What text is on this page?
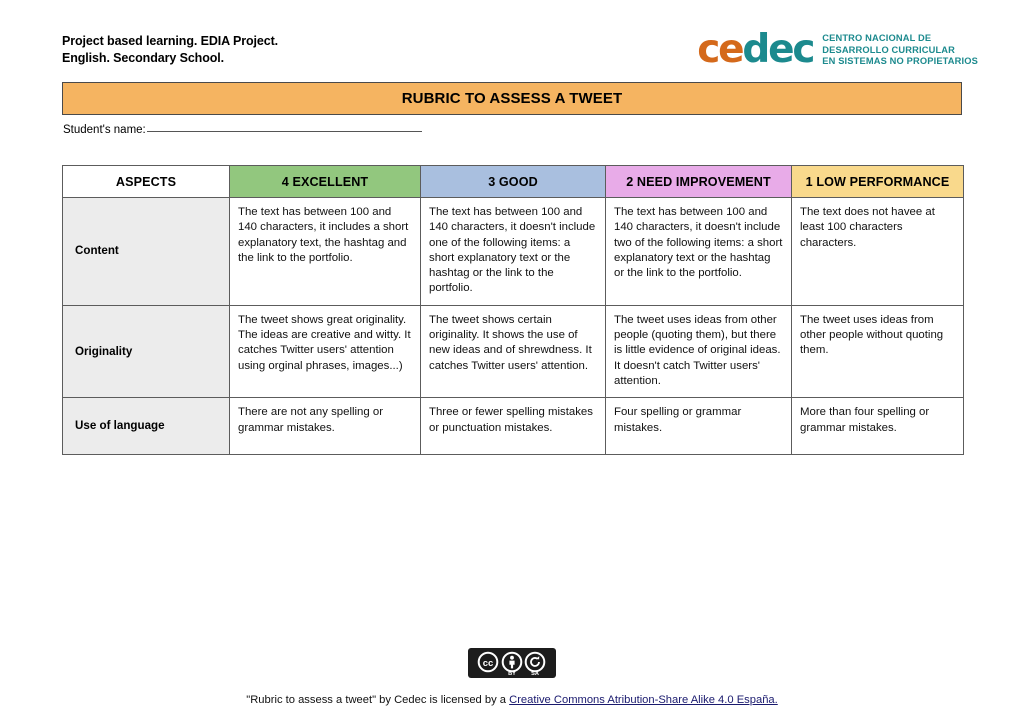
Project based learning. EDIA Project.
English. Secondary School.	cedec CENTRO NACIONAL DE
DESARROLLO CURRICULAR
EN SISTEMAS NO PROPIETARIOS
RUBRIC TO ASSESS A TWEET
Student's name:
ASPECTS	4 EXCELLENT	3 GOOD	2 NEED IMPROVEMENT	1 LOW PERFORMANCE
Content	The text has between 100 and 140 characters, it includes a short explanatory text, the hashtag and the link to the portfolio.	The text has between 100 and 140 characters, it doesn't include one of the following items: a short explanatory text or the hashtag or the link to the portfolio.	The text has between 100 and 140 characters, it doesn't include two of the following items: a short explanatory text or the hashtag or the link to the portfolio.	The text does not havee at least 100 characters characters.
Originality	The tweet shows great originality. The ideas are creative and witty. It catches Twitter users' attention using orginal phrases, images...)	The tweet shows certain originality. It shows the use of new ideas and of shrewdness. It catches Twitter users' attention.	The tweet uses ideas from other people (quoting them), but there is little evidence of original ideas. It doesn't catch Twitter users' attention.	The tweet uses ideas from other people without quoting them.
Use of language	There are not any spelling or grammar mistakes.	Three or fewer spelling mistakes or punctuation mistakes.	Four spelling or grammar mistakes.	More than four spelling or grammar mistakes.
cc
BY	SA
"Rubric to assess a tweet" by Cedec is licensed by a Creative Commons Atribution-Share Alike 4.0 España.
